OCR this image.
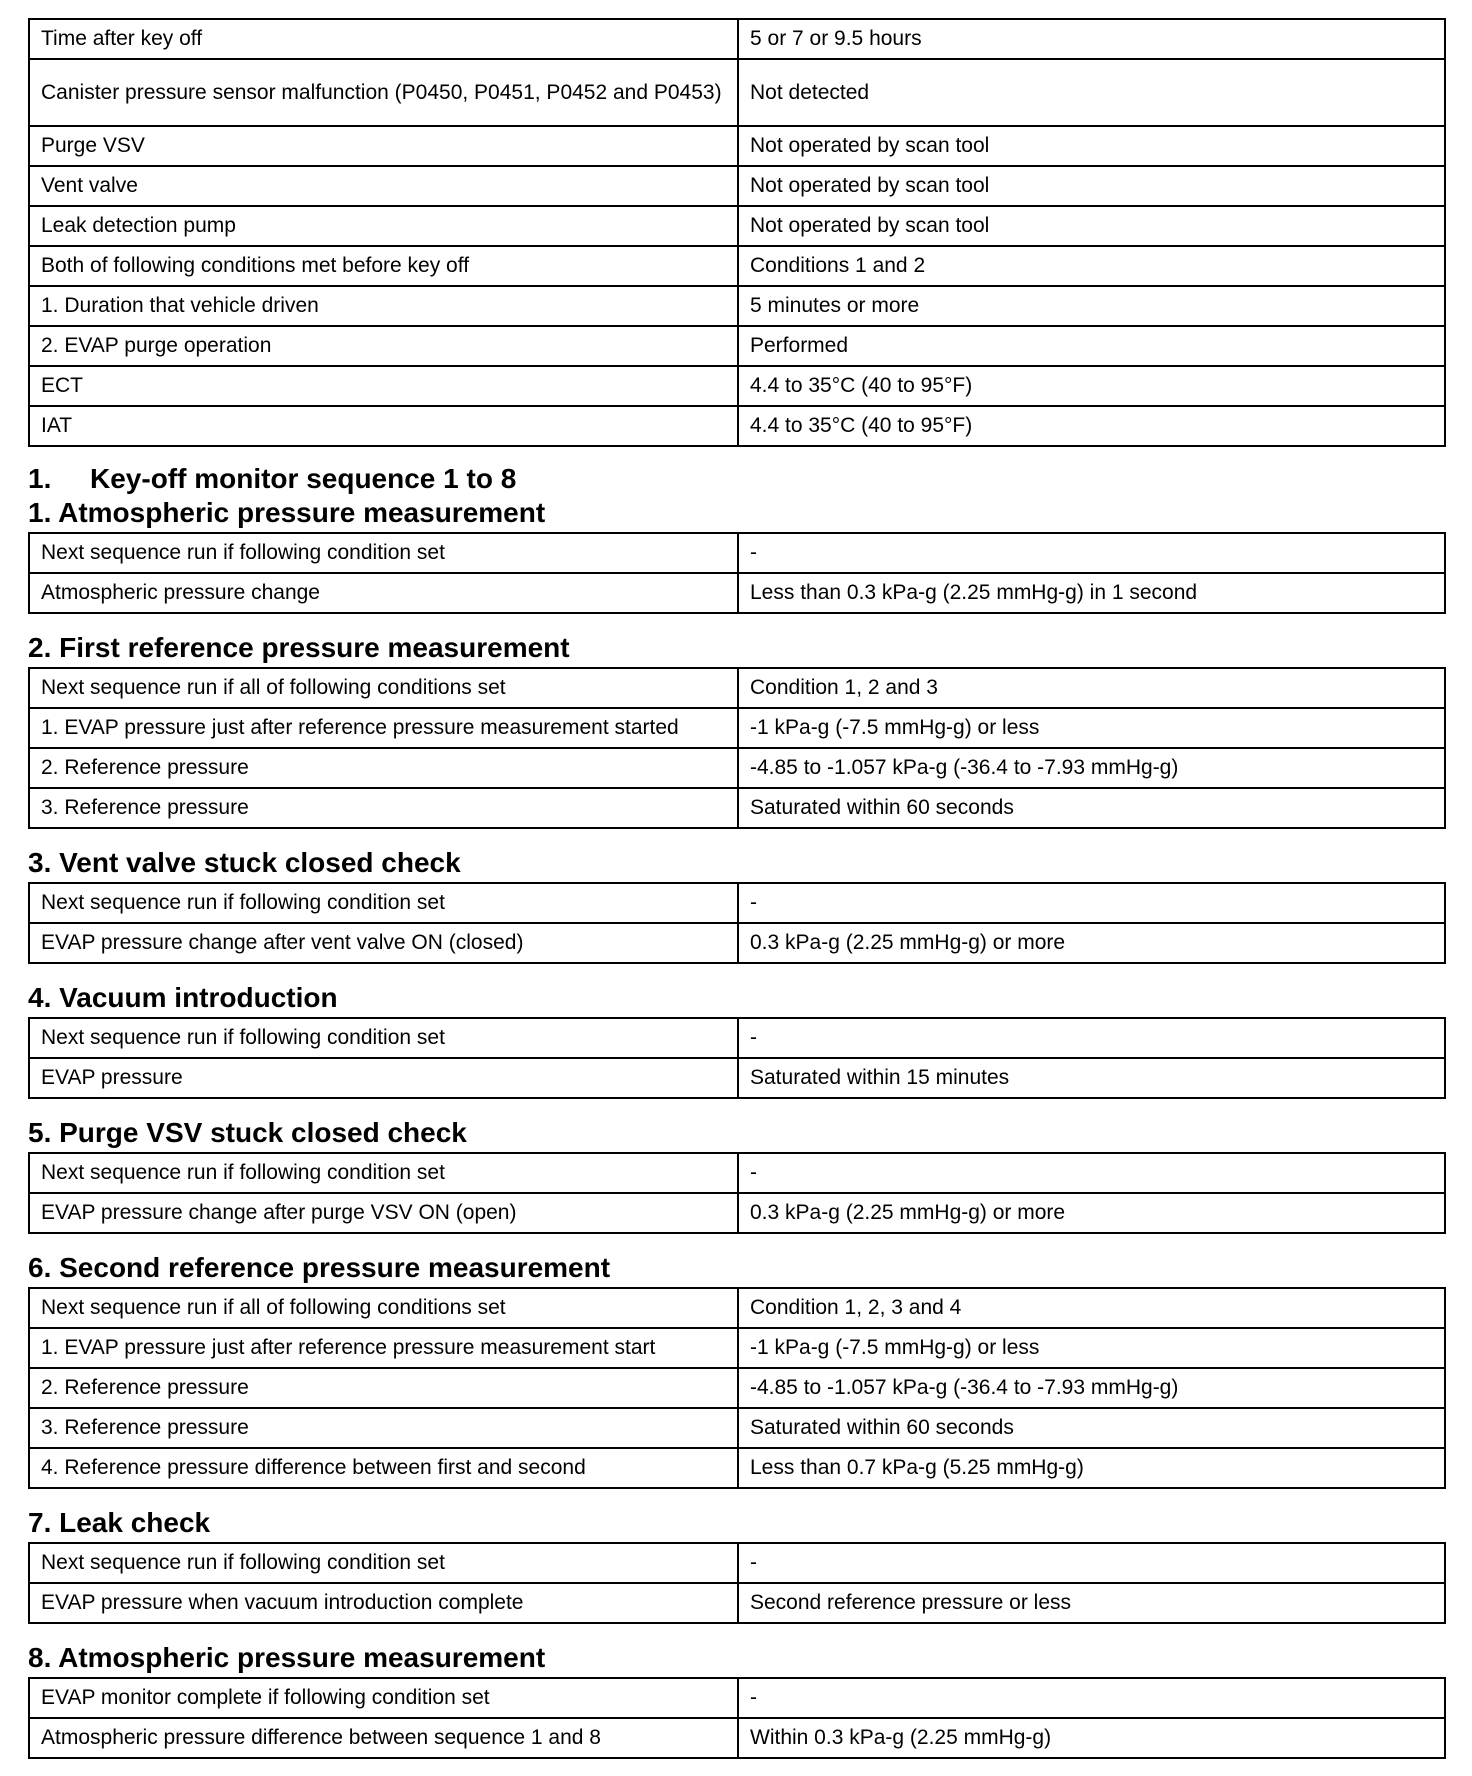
Time after key off	5 or 7 or 9.5 hours
Canister pressure sensor malfunction (P0450, P0451, P0452 and P0453)	Not detected
Purge VSV	Not operated by scan tool
Vent valve	Not operated by scan tool
Leak detection pump	Not operated by scan tool
Both of following conditions met before key off	Conditions 1 and 2
1. Duration that vehicle driven	5 minutes or more
2. EVAP purge operation	Performed
ECT	4.4 to 35°C (40 to 95°F)
IAT	4.4 to 35°C (40 to 95°F)
1. Key-off monitor sequence 1 to 8
1. Atmospheric pressure measurement
Next sequence run if following condition set	-
Atmospheric pressure change	Less than 0.3 kPa-g (2.25 mmHg-g) in 1 second
2. First reference pressure measurement
Next sequence run if all of following conditions set	Condition 1, 2 and 3
1. EVAP pressure just after reference pressure measurement started	-1 kPa-g (-7.5 mmHg-g) or less
2. Reference pressure	-4.85 to -1.057 kPa-g (-36.4 to -7.93 mmHg-g)
3. Reference pressure	Saturated within 60 seconds
3. Vent valve stuck closed check
Next sequence run if following condition set	-
EVAP pressure change after vent valve ON (closed)	0.3 kPa-g (2.25 mmHg-g) or more
4. Vacuum introduction
Next sequence run if following condition set	-
EVAP pressure	Saturated within 15 minutes
5. Purge VSV stuck closed check
Next sequence run if following condition set	-
EVAP pressure change after purge VSV ON (open)	0.3 kPa-g (2.25 mmHg-g) or more
6. Second reference pressure measurement
Next sequence run if all of following conditions set	Condition 1, 2, 3 and 4
1. EVAP pressure just after reference pressure measurement start	-1 kPa-g (-7.5 mmHg-g) or less
2. Reference pressure	-4.85 to -1.057 kPa-g (-36.4 to -7.93 mmHg-g)
3. Reference pressure	Saturated within 60 seconds
4. Reference pressure difference between first and second	Less than 0.7 kPa-g (5.25 mmHg-g)
7. Leak check
Next sequence run if following condition set	-
EVAP pressure when vacuum introduction complete	Second reference pressure or less
8. Atmospheric pressure measurement
EVAP monitor complete if following condition set	-
Atmospheric pressure difference between sequence 1 and 8	Within 0.3 kPa-g (2.25 mmHg-g)
